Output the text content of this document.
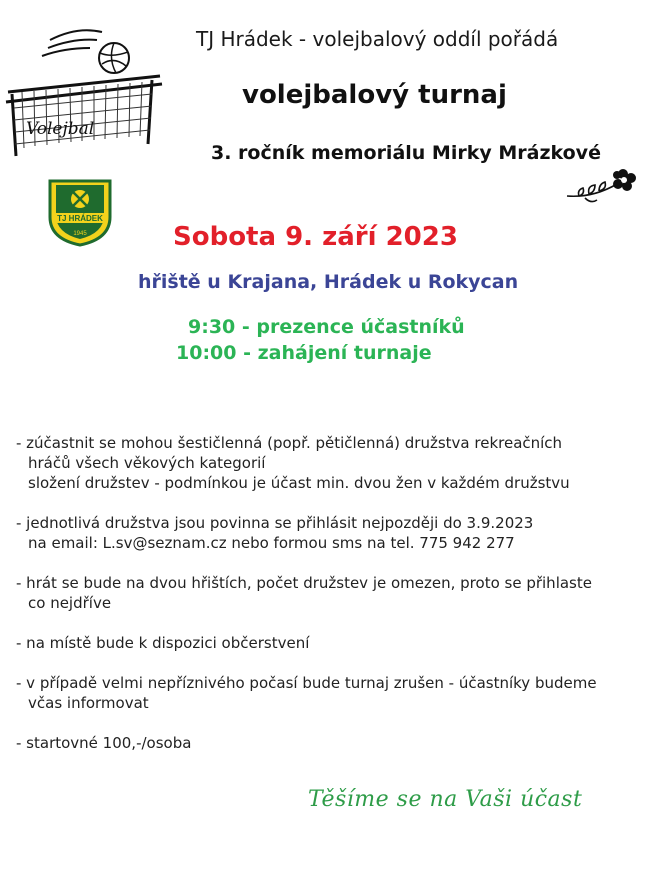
Volejbal
TJ HRÁDEK
1945
TJ Hrádek - volejbalový oddíl pořádá
volejbalový turnaj
3. ročník memoriálu Mirky Mrázkové
Sobota 9. září 2023
hřiště u Krajana, Hrádek u Rokycan
9:30 - prezence účastníků
10:00 - zahájení turnaje
- zúčastnit se mohou šestičlenná (popř. pětičlenná) družstva rekreačních
hráčů všech věkových kategorií
složení družstev - podmínkou je účast min. dvou žen v každém družstvu
- jednotlivá družstva jsou povinna se přihlásit nejpozději do 3.9.2023
na email: L.sv@seznam.cz nebo formou sms na tel. 775 942 277
- hrát se bude na dvou hřištích, počet družstev je omezen, proto se přihlaste
co nejdříve
- na místě bude k dispozici občerstvení
- v případě velmi nepříznivého počasí bude turnaj zrušen - účastníky budeme
včas informovat
- startovné 100,-/osoba
Těšíme se na Vaši účast
